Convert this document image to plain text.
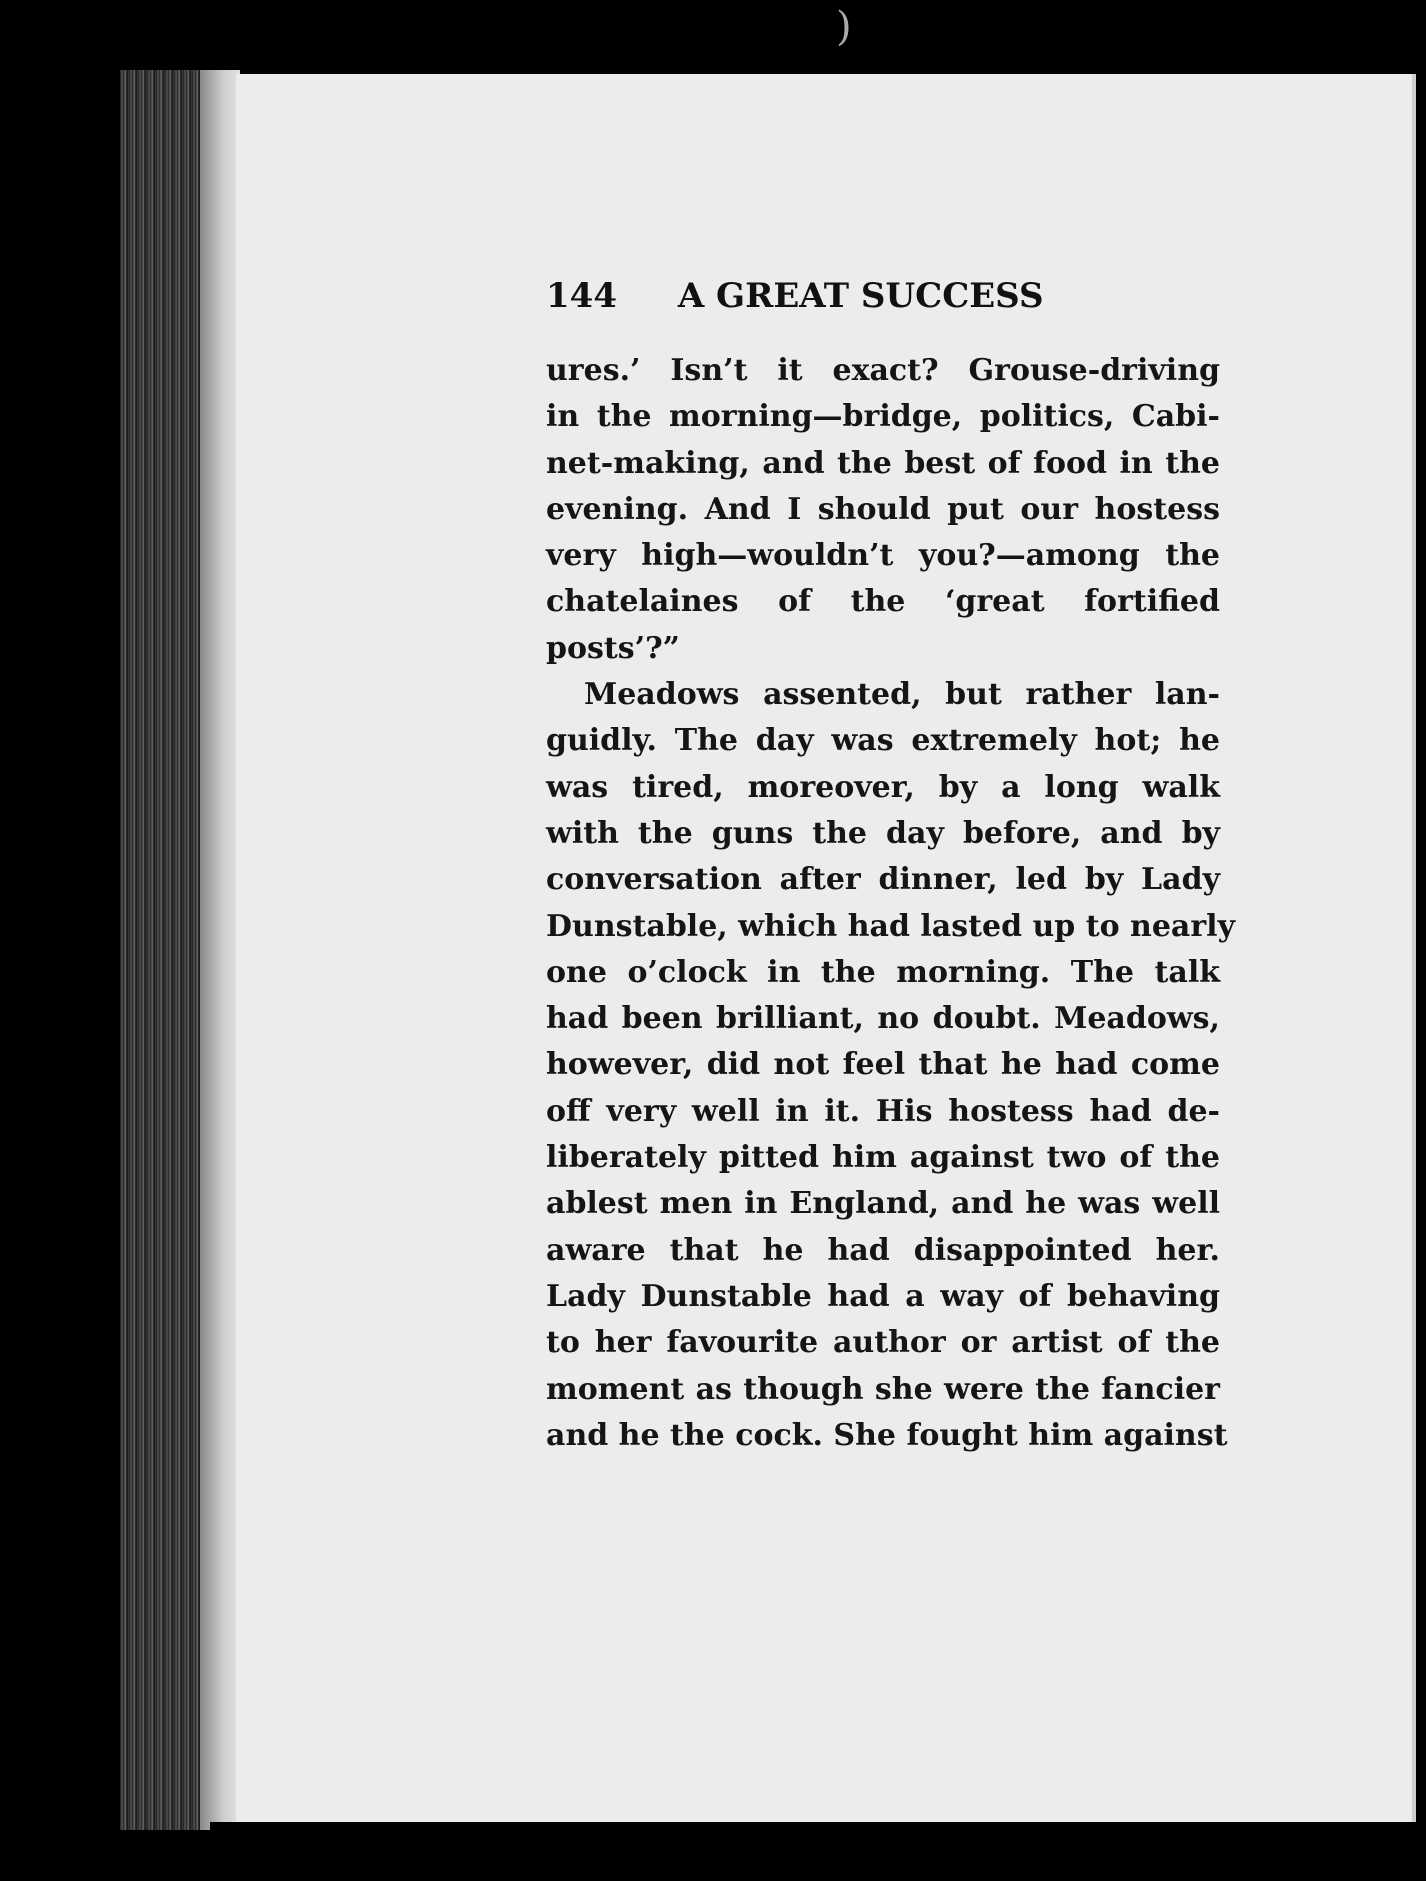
)
144 A GREAT SUCCESS
ures.’ Isn’t it exact? Grouse-driving
in the morning—bridge, politics, Cabi-
net-making, and the best of food in the
evening. And I should put our hostess
very high—wouldn’t you?—among the
chatelaines of the ‘great fortified
posts’?”
Meadows assented, but rather lan-
guidly. The day was extremely hot; he
was tired, moreover, by a long walk
with the guns the day before, and by
conversation after dinner, led by Lady
Dunstable, which had lasted up to nearly
one o’clock in the morning. The talk
had been brilliant, no doubt. Meadows,
however, did not feel that he had come
off very well in it. His hostess had de-
liberately pitted him against two of the
ablest men in England, and he was well
aware that he had disappointed her.
Lady Dunstable had a way of behaving
to her favourite author or artist of the
moment as though she were the fancier
and he the cock. She fought him against
